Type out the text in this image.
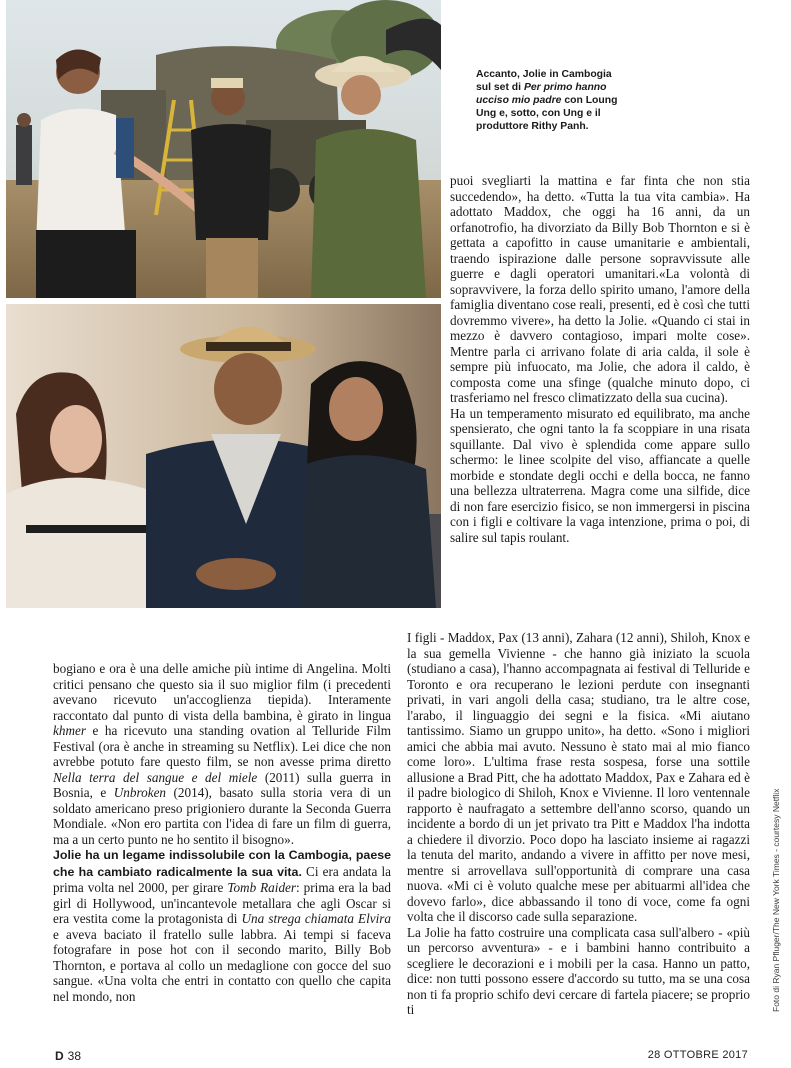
Accanto, Jolie in Cambogia sul set di Per primo hanno ucciso mio padre con Loung Ung e, sotto, con Ung e il produttore Rithy Panh.

puoi svegliarti la mattina e far finta che non stia succedendo», ha detto. «Tutta la tua vita cambia». Ha adottato Maddox, che oggi ha 16 anni, da un orfanotrofio, ha divorziato da Billy Bob Thornton e si è gettata a capofitto in cause umanitarie e ambientali, traendo ispirazione dalle persone sopravvissute alle guerre e dagli operatori umanitari.«La volontà di sopravvivere, la forza dello spirito umano, l'amore della famiglia diventano cose reali, presenti, ed è così che tutti dovremmo vivere», ha detto la Jolie. «Quando ci stai in mezzo è davvero contagioso, impari molte cose». Mentre parla ci arrivano folate di aria calda, il sole è sempre più infuocato, ma Jolie, che adora il caldo, è composta come una sfinge (qualche minuto dopo, ci trasferiamo nel fresco climatizzato della sua cucina).

Ha un temperamento misurato ed equilibrato, ma anche spensierato, che ogni tanto la fa scoppiare in una risata squillante. Dal vivo è splendida come appare sullo schermo: le linee scolpite del viso, affiancate a quelle morbide e stondate degli occhi e della bocca, ne fanno una bellezza ultraterrena. Magra come una silfide, dice di non fare esercizio fisico, se non immergersi in piscina con i figli e coltivare la vaga intenzione, prima o poi, di salire sul tapis roulant.

I figli - Maddox, Pax (13 anni), Zahara (12 anni), Shiloh, Knox e la sua gemella Vivienne - che hanno già iniziato la scuola (studiano a casa), l'hanno accompagnata ai festival di Telluride e Toronto e ora recuperano le lezioni perdute con insegnanti privati, in vari angoli della casa; studiano, tra le altre cose, l'arabo, il linguaggio dei segni e la fisica. «Mi aiutano tantissimo. Siamo un gruppo unito», ha detto. «Sono i migliori amici che abbia mai avuto. Nessuno è stato mai al mio fianco come loro». L'ultima frase resta sospesa, forse una sottile allusione a Brad Pitt, che ha adottato Maddox, Pax e Zahara ed è il padre biologico di Shiloh, Knox e Vivienne. Il loro ventennale rapporto è naufragato a settembre dell'anno scorso, quando un incidente a bordo di un jet privato tra Pitt e Maddox l'ha indotta a chiedere il divorzio. Poco dopo ha lasciato insieme ai ragazzi la tenuta del marito, andando a vivere in affitto per nove mesi, mentre si arrovellava sull'opportunità di comprare una casa nuova. «Mi ci è voluto qualche mese per abituarmi all'idea che dovevo farlo», dice abbassando il tono di voce, come fa ogni volta che il discorso cade sulla separazione.

La Jolie ha fatto costruire una complicata casa sull'albero - «più un percorso avventura» - e i bambini hanno contribuito a scegliere le decorazioni e i mobili per la casa. Hanno un patto, dice: non tutti possono essere d'accordo su tutto, ma se una cosa non ti fa proprio schifo devi cercare di fartela piacere; se proprio ti

bogiano e ora è una delle amiche più intime di Angelina. Molti critici pensano che questo sia il suo miglior film (i precedenti avevano ricevuto un'accoglienza tiepida). Interamente raccontato dal punto di vista della bambina, è girato in lingua khmer e ha ricevuto una standing ovation al Telluride Film Festival (ora è anche in streaming su Netflix). Lei dice che non avrebbe potuto fare questo film, se non avesse prima diretto Nella terra del sangue e del miele (2011) sulla guerra in Bosnia, e Unbroken (2014), basato sulla storia vera di un soldato americano preso prigioniero durante la Seconda Guerra Mondiale. «Non ero partita con l'idea di fare un film di guerra, ma a un certo punto ne ho sentito il bisogno».

Jolie ha un legame indissolubile con la Cambogia, paese che ha cambiato radicalmente la sua vita. Ci era andata la prima volta nel 2000, per girare Tomb Raider: prima era la bad girl di Hollywood, un'incantevole metallara che agli Oscar si era vestita come la protagonista di Una strega chiamata Elvira e aveva baciato il fratello sulle labbra. Ai tempi si faceva fotografare in pose hot con il secondo marito, Billy Bob Thornton, e portava al collo un medaglione con gocce del suo sangue. «Una volta che entri in contatto con quello che capita nel mondo, non	Foto di Ryan Pfluger/The New York Times - courtesy Netflix
D 38	28 OTTOBRE 2017
